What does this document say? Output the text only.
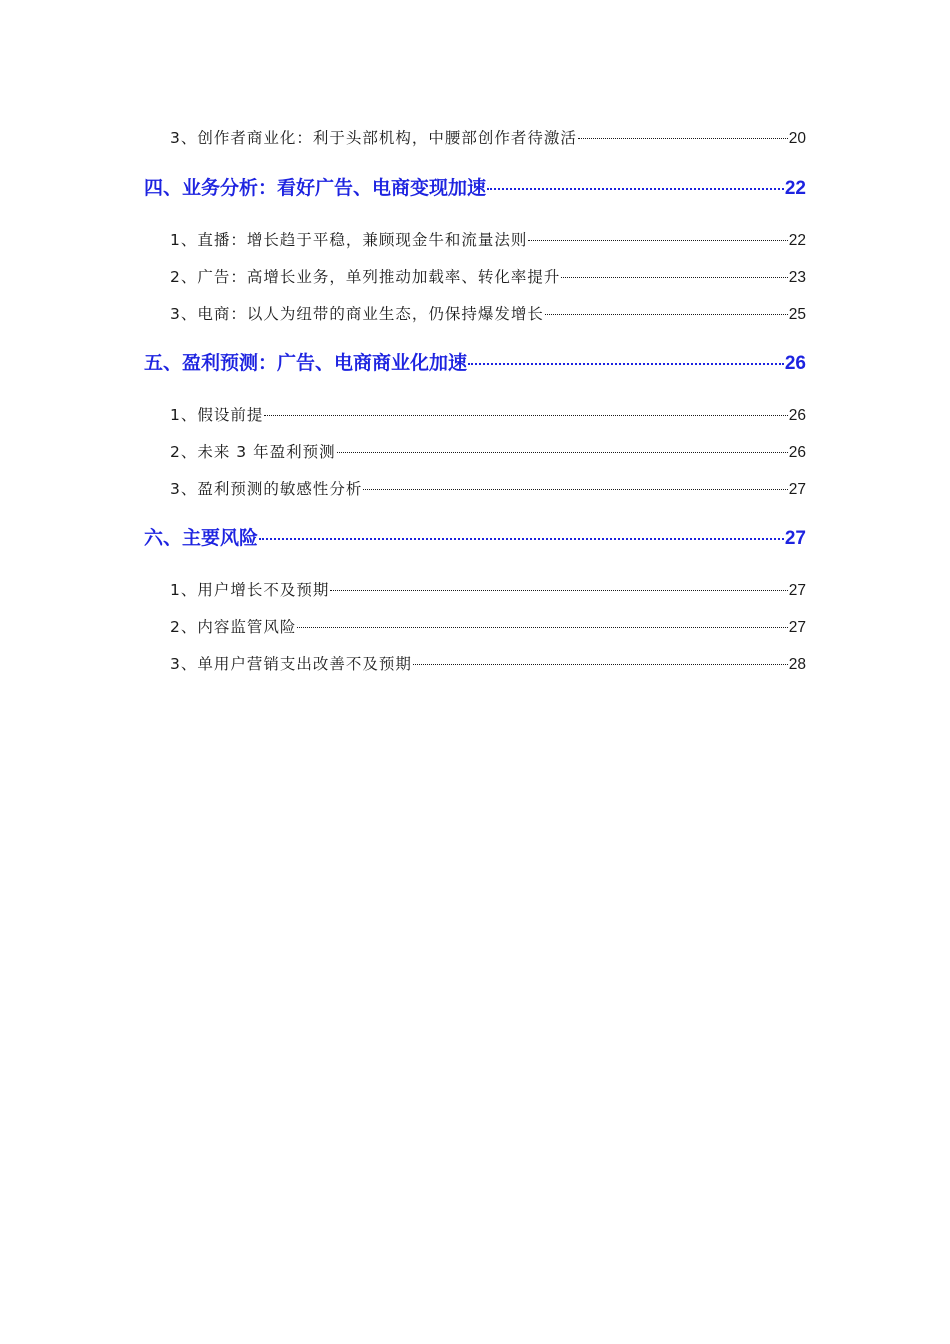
3、创作者商业化：利于头部机构，中腰部创作者待激活	20
四、业务分析：看好广告、电商变现加速	22
1、直播：增长趋于平稳，兼顾现金牛和流量法则	22
2、广告：高增长业务，单列推动加载率、转化率提升	23
3、电商：以人为纽带的商业生态，仍保持爆发增长	25
五、盈利预测：广告、电商商业化加速	26
1、假设前提	26
2、未来 3 年盈利预测	26
3、盈利预测的敏感性分析	27
六、主要风险	27
1、用户增长不及预期	27
2、内容监管风险	27
3、单用户营销支出改善不及预期	28
